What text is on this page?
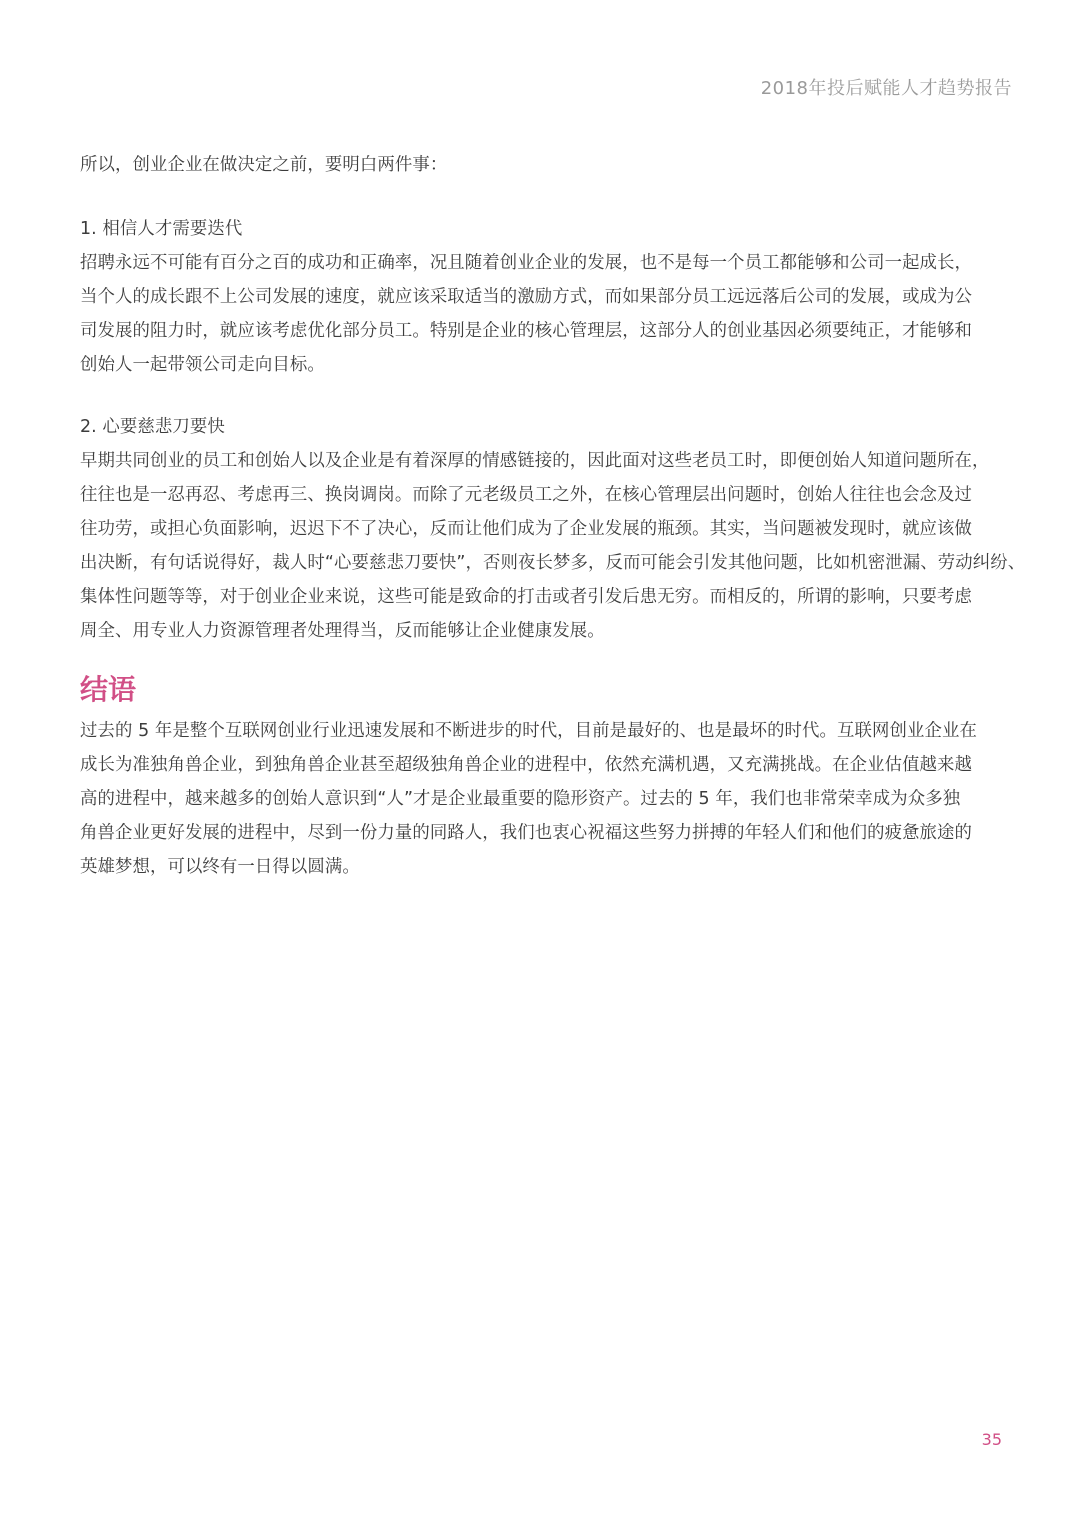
2018年投后赋能人才趋势报告
所以，创业企业在做决定之前，要明白两件事：
1. 相信人才需要迭代
招聘永远不可能有百分之百的成功和正确率，况且随着创业企业的发展，也不是每一个员工都能够和公司一起成长，
当个人的成长跟不上公司发展的速度，就应该采取适当的激励方式，而如果部分员工远远落后公司的发展，或成为公
司发展的阻力时，就应该考虑优化部分员工。特别是企业的核心管理层，这部分人的创业基因必须要纯正，才能够和
创始人一起带领公司走向目标。
2. 心要慈悲刀要快
早期共同创业的员工和创始人以及企业是有着深厚的情感链接的，因此面对这些老员工时，即便创始人知道问题所在，
往往也是一忍再忍、考虑再三、换岗调岗。而除了元老级员工之外，在核心管理层出问题时，创始人往往也会念及过
往功劳，或担心负面影响，迟迟下不了决心，反而让他们成为了企业发展的瓶颈。其实，当问题被发现时，就应该做
出决断，有句话说得好，裁人时“心要慈悲刀要快”，否则夜长梦多，反而可能会引发其他问题，比如机密泄漏、劳动纠纷、
集体性问题等等，对于创业企业来说，这些可能是致命的打击或者引发后患无穷。而相反的，所谓的影响，只要考虑
周全、用专业人力资源管理者处理得当，反而能够让企业健康发展。
结语
过去的 5 年是整个互联网创业行业迅速发展和不断进步的时代，目前是最好的、也是最坏的时代。互联网创业企业在
成长为准独角兽企业，到独角兽企业甚至超级独角兽企业的进程中，依然充满机遇，又充满挑战。在企业估值越来越
高的进程中，越来越多的创始人意识到“人”才是企业最重要的隐形资产。过去的 5 年，我们也非常荣幸成为众多独
角兽企业更好发展的进程中，尽到一份力量的同路人，我们也衷心祝福这些努力拼搏的年轻人们和他们的疲惫旅途的
英雄梦想，可以终有一日得以圆满。
35
